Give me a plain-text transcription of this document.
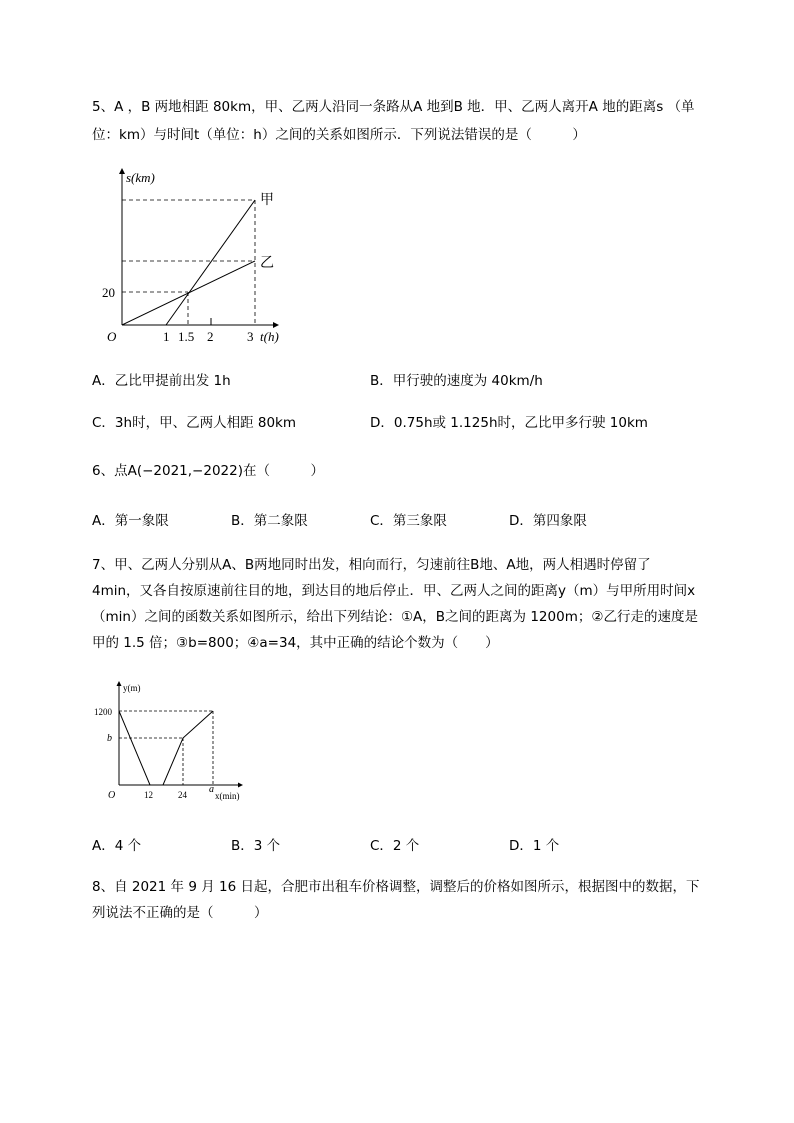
5、A ，B 两地相距 80km，甲、乙两人沿同一条路从A 地到B 地．甲、乙两人离开A 地的距离s （单
位：km）与时间t（单位：h）之间的关系如图所示．下列说法错误的是（　　　）
s(km)
t(h)
O
20
1 1.5 2	3
甲
乙
A．乙比甲提前出发 1h	B．甲行驶的速度为 40km/h
C．3h时，甲、乙两人相距 80km	D．0.75h或 1.125h时，乙比甲多行驶 10km
6、点A(−2021,−2022)在（　　　）
A．第一象限	B．第二象限	C．第三象限	D．第四象限
7、甲、乙两人分别从A、B两地同时出发，相向而行，匀速前往B地、A地，两人相遇时停留了
4min，又各自按原速前往目的地，到达目的地后停止．甲、乙两人之间的距离y（m）与甲所用时间x
（min）之间的函数关系如图所示，给出下列结论：①A，B之间的距离为 1200m；②乙行走的速度是
甲的 1.5 倍；③b=800；④a=34，其中正确的结论个数为（　　）
y(m)
x(min)
O
1200
b
12	24 a
A．4 个	B．3 个	C．2 个	D．1 个
8、自 2021 年 9 月 16 日起，合肥市出租车价格调整，调整后的价格如图所示，根据图中的数据，下
列说法不正确的是（　　　）
